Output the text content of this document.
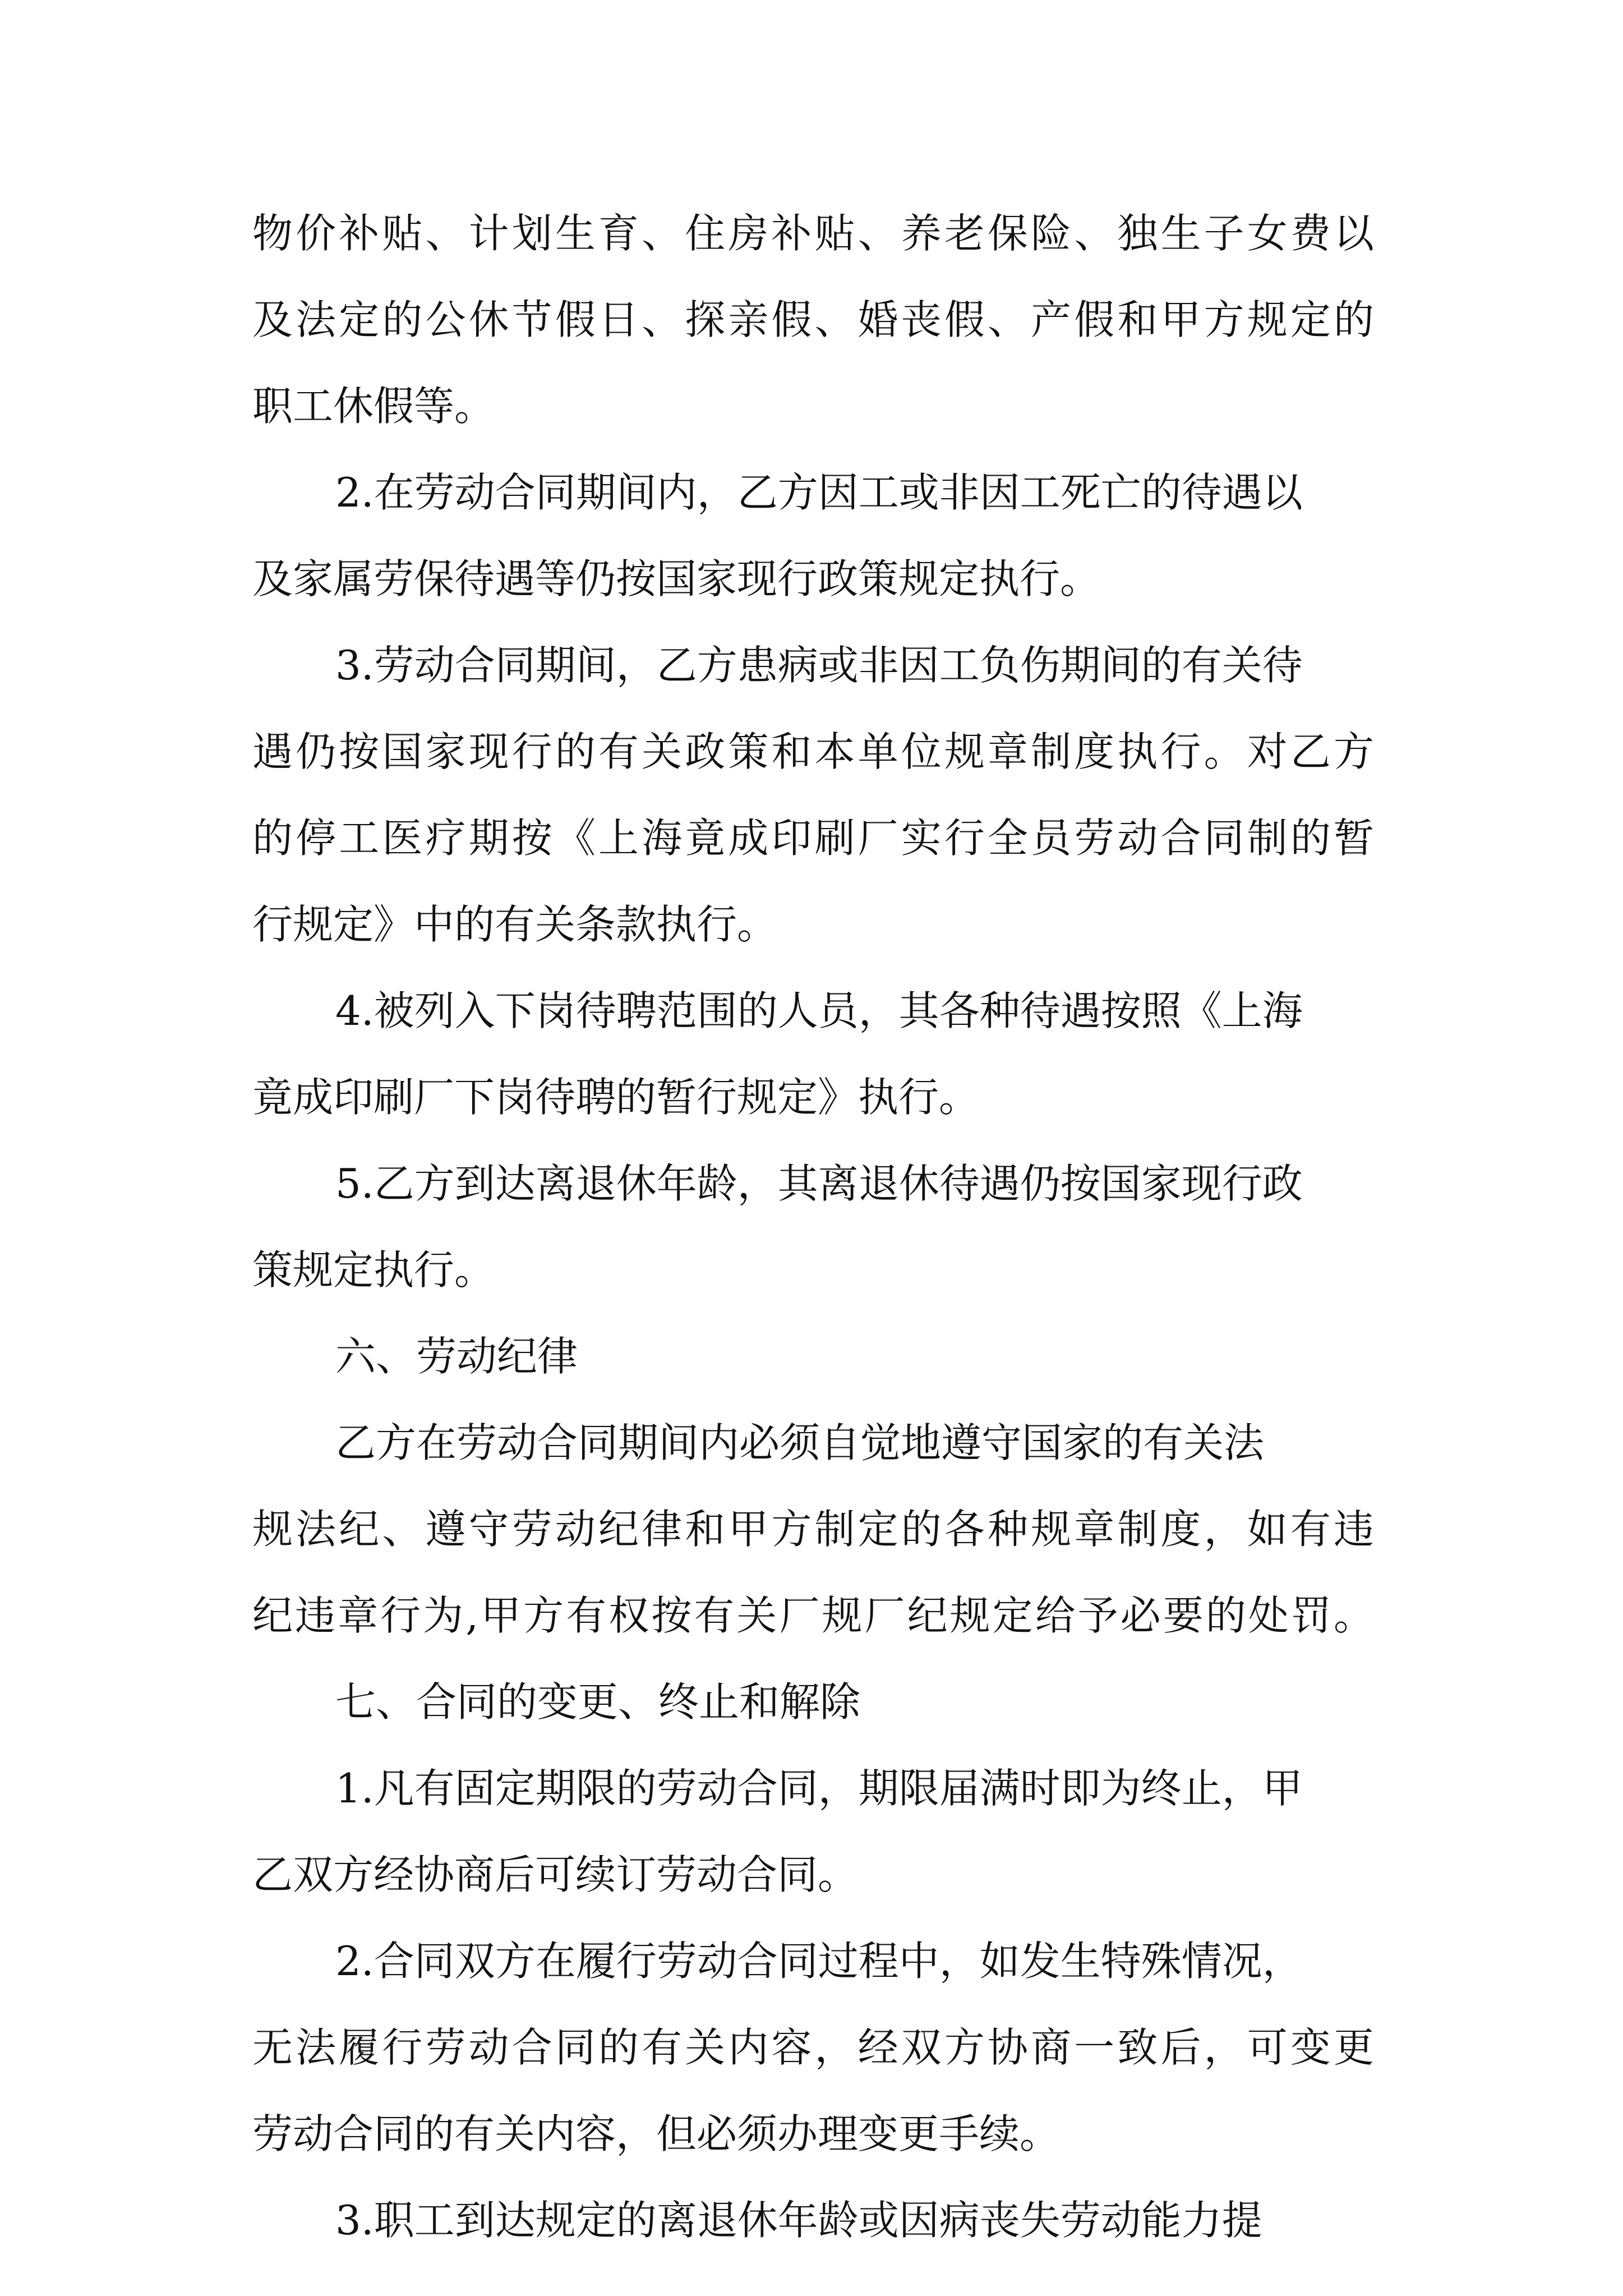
物价补贴、计划生育、住房补贴、养老保险、独生子女费以

及法定的公休节假日、探亲假、婚丧假、产假和甲方规定的

职工休假等。

2.在劳动合同期间内，乙方因工或非因工死亡的待遇以

及家属劳保待遇等仍按国家现行政策规定执行。

3.劳动合同期间，乙方患病或非因工负伤期间的有关待

遇仍按国家现行的有关政策和本单位规章制度执行。对乙方

的停工医疗期按《上海竟成印刷厂实行全员劳动合同制的暂

行规定》中的有关条款执行。

4.被列入下岗待聘范围的人员，其各种待遇按照《上海

竟成印刷厂下岗待聘的暂行规定》执行。

5.乙方到达离退休年龄，其离退休待遇仍按国家现行政

策规定执行。

六、劳动纪律

乙方在劳动合同期间内必须自觉地遵守国家的有关法

规法纪、遵守劳动纪律和甲方制定的各种规章制度，如有违

纪违章行为,甲方有权按有关厂规厂纪规定给予必要的处罚。

七、合同的变更、终止和解除

1.凡有固定期限的劳动合同，期限届满时即为终止，甲

乙双方经协商后可续订劳动合同。

2.合同双方在履行劳动合同过程中，如发生特殊情况，

无法履行劳动合同的有关内容，经双方协商一致后，可变更

劳动合同的有关内容，但必须办理变更手续。

3.职工到达规定的离退休年龄或因病丧失劳动能力提
